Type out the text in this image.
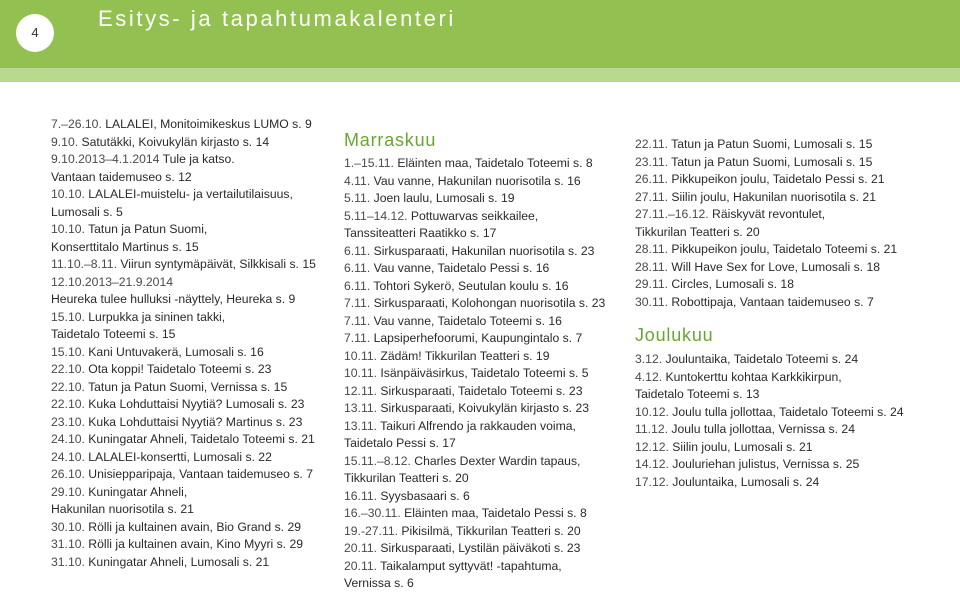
4
Esitys- ja tapahtumakalenteri
7.–26.10. LALALEI, Monitoimikeskus LUMO s. 9
9.10. Satutäkki, Koivukylän kirjasto s. 14
9.10.2013–4.1.2014 Tule ja katso.
Vantaan taidemuseo s. 12
10.10. LALALEI-muistelu- ja vertailutilaisuus,
Lumosali s. 5
10.10. Tatun ja Patun Suomi,
Konserttitalo Martinus s. 15
11.10.–8.11. Viirun syntymäpäivät, Silkkisali s. 15
12.10.2013–21.9.2014
Heureka tulee hulluksi -näyttely, Heureka s. 9
15.10. Lurpukka ja sininen takki,
Taidetalo Toteemi s. 15
15.10. Kani Untuvakerä, Lumosali s. 16
22.10. Ota koppi! Taidetalo Toteemi s. 23
22.10. Tatun ja Patun Suomi, Vernissa s. 15
22.10. Kuka Lohduttaisi Nyytiä? Lumosali s. 23
23.10. Kuka Lohduttaisi Nyytiä? Martinus s. 23
24.10. Kuningatar Ahneli, Taidetalo Toteemi s. 21
24.10. LALALEI-konsertti, Lumosali s. 22
26.10. Unisiepparipaja, Vantaan taidemuseo s. 7
29.10. Kuningatar Ahneli,
Hakunilan nuorisotila s. 21
30.10. Rölli ja kultainen avain, Bio Grand s. 29
31.10. Rölli ja kultainen avain, Kino Myyri s. 29
31.10. Kuningatar Ahneli, Lumosali s. 21
Marraskuu
1.–15.11. Eläinten maa, Taidetalo Toteemi s. 8
4.11. Vau vanne, Hakunilan nuorisotila s. 16
5.11. Joen laulu, Lumosali s. 19
5.11–14.12. Pottuwarvas seikkailee,
Tanssiteatteri Raatikko s. 17
6.11. Sirkusparaati, Hakunilan nuorisotila s. 23
6.11. Vau vanne, Taidetalo Pessi s. 16
6.11. Tohtori Sykerö, Seutulan koulu s. 16
7.11. Sirkusparaati, Kolohongan nuorisotila s. 23
7.11. Vau vanne, Taidetalo Toteemi s. 16
7.11. Lapsiperhefoorumi, Kaupungintalo s. 7
10.11. Zädäm! Tikkurilan Teatteri s. 19
10.11. Isänpäiväsirkus, Taidetalo Toteemi s. 5
12.11. Sirkusparaati, Taidetalo Toteemi s. 23
13.11. Sirkusparaati, Koivukylän kirjasto s. 23
13.11. Taikuri Alfrendo ja rakkauden voima,
Taidetalo Pessi s. 17
15.11.–8.12. Charles Dexter Wardin tapaus,
Tikkurilan Teatteri s. 20
16.11. Syysbasaari s. 6
16.–30.11. Eläinten maa, Taidetalo Pessi s. 8
19.-27.11. Pikisilmä, Tikkurilan Teatteri s. 20
20.11. Sirkusparaati, Lystilän päiväkoti s. 23
20.11. Taikalamput syttyvät! -tapahtuma,
Vernissa s. 6
22.11. Tatun ja Patun Suomi, Lumosali s. 15
23.11. Tatun ja Patun Suomi, Lumosali s. 15
26.11. Pikkupeikon joulu, Taidetalo Pessi s. 21
27.11. Siilin joulu, Hakunilan nuorisotila s. 21
27.11.–16.12. Räiskyvät revontulet,
Tikkurilan Teatteri s. 20
28.11. Pikkupeikon joulu, Taidetalo Toteemi s. 21
28.11. Will Have Sex for Love, Lumosali s. 18
29.11. Circles, Lumosali s. 18
30.11. Robottipaja, Vantaan taidemuseo s. 7
Joulukuu
3.12. Jouluntaika, Taidetalo Toteemi s. 24
4.12. Kuntokerttu kohtaa Karkkikirpun,
Taidetalo Toteemi s. 13
10.12. Joulu tulla jollottaa, Taidetalo Toteemi s. 24
11.12. Joulu tulla jollottaa, Vernissa s. 24
12.12. Siilin joulu, Lumosali s. 21
14.12. Jouluriehan julistus, Vernissa s. 25
17.12. Jouluntaika, Lumosali s. 24
